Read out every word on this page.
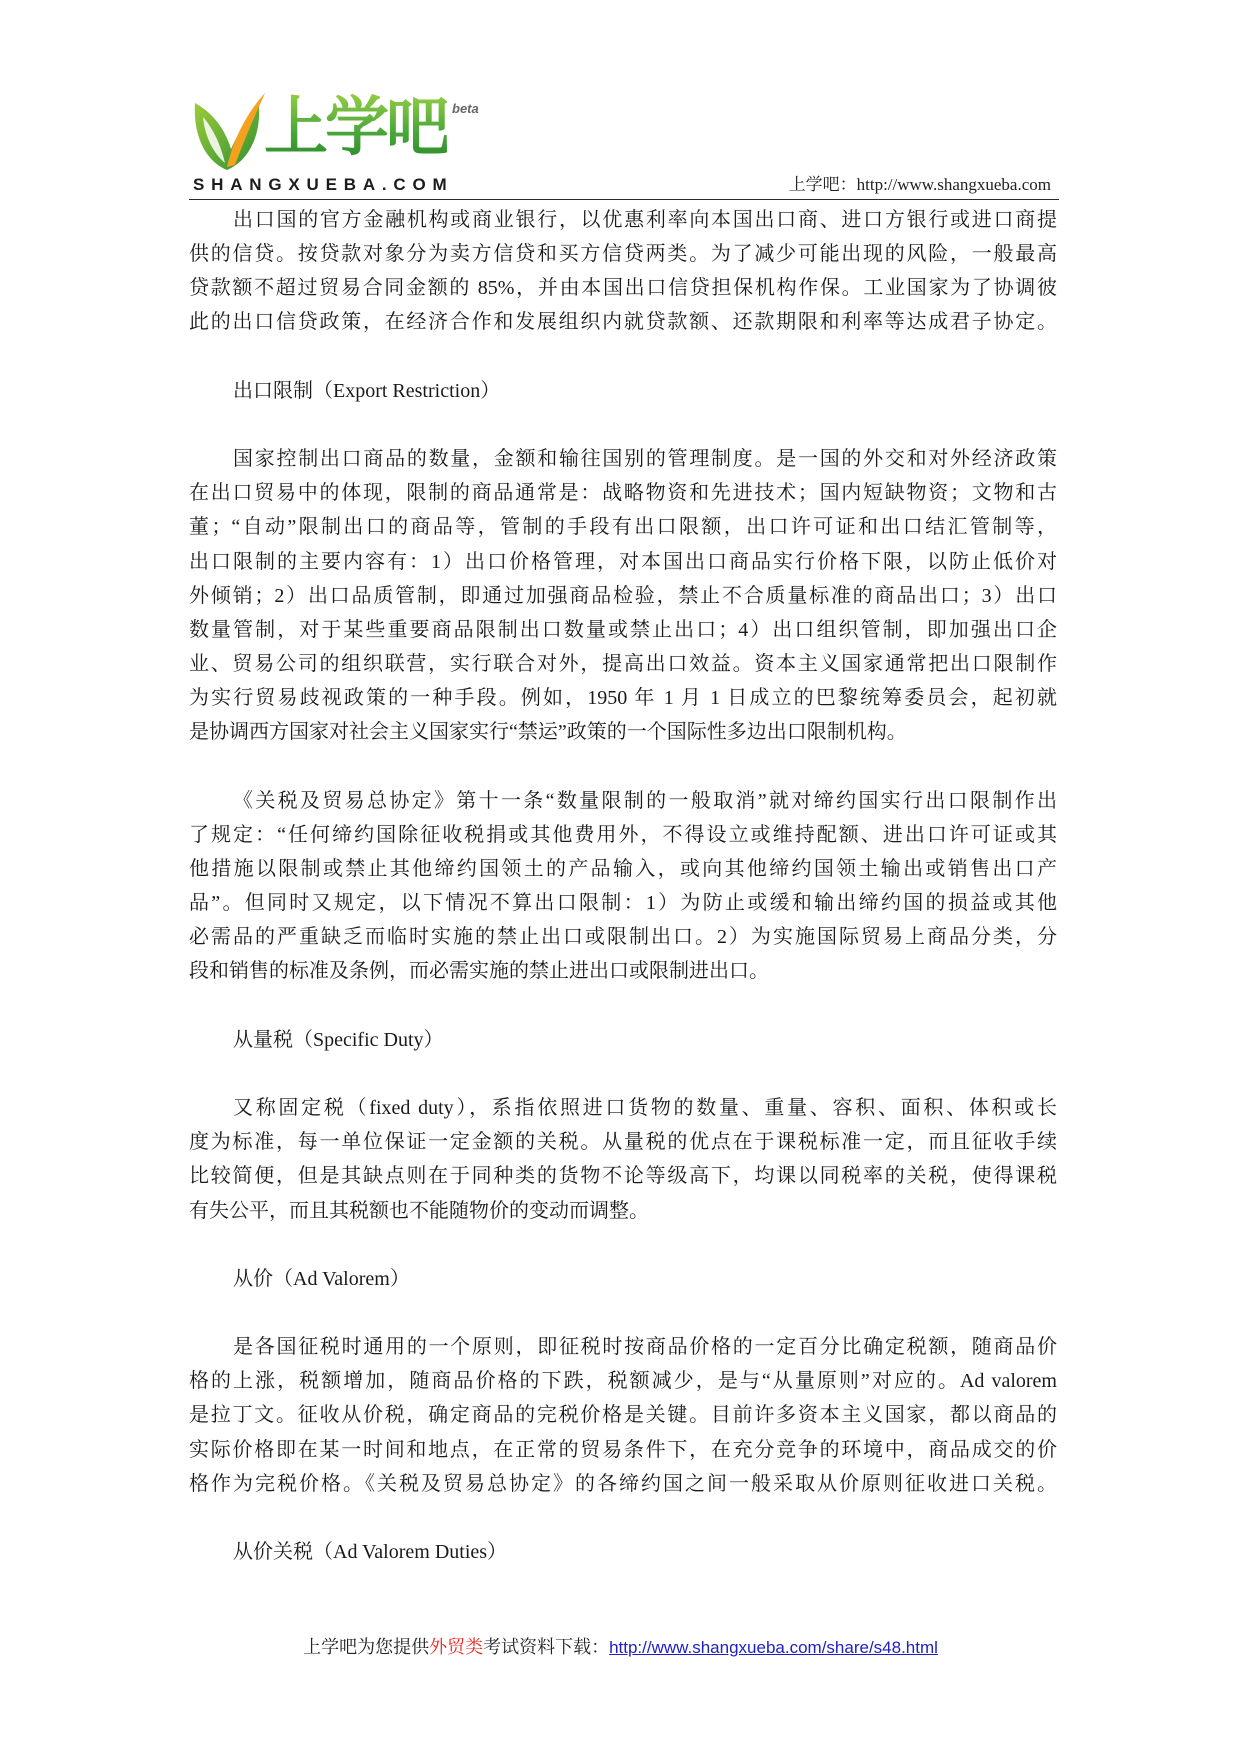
上学吧 beta
SHANGXUEBA.COM	上学吧：http://www.shangxueba.com
出口国的官方金融机构或商业银行，以优惠利率向本国出口商、进口方银行或进口商提
供的信贷。按贷款对象分为卖方信贷和买方信贷两类。为了减少可能出现的风险，一般最高
贷款额不超过贸易合同金额的 85%，并由本国出口信贷担保机构作保。工业国家为了协调彼
此的出口信贷政策，在经济合作和发展组织内就贷款额、还款期限和利率等达成君子协定。
出口限制（Export Restriction）
国家控制出口商品的数量，金额和输往国别的管理制度。是一国的外交和对外经济政策
在出口贸易中的体现，限制的商品通常是：战略物资和先进技术；国内短缺物资；文物和古
董；“自动”限制出口的商品等，管制的手段有出口限额，出口许可证和出口结汇管制等，
出口限制的主要内容有：1）出口价格管理，对本国出口商品实行价格下限，以防止低价对
外倾销；2）出口品质管制，即通过加强商品检验，禁止不合质量标准的商品出口；3）出口
数量管制，对于某些重要商品限制出口数量或禁止出口；4）出口组织管制，即加强出口企
业、贸易公司的组织联营，实行联合对外，提高出口效益。资本主义国家通常把出口限制作
为实行贸易歧视政策的一种手段。例如，1950 年 1 月 1 日成立的巴黎统筹委员会，起初就
是协调西方国家对社会主义国家实行“禁运”政策的一个国际性多边出口限制机构。
《关税及贸易总协定》第十一条“数量限制的一般取消”就对缔约国实行出口限制作出
了规定：“任何缔约国除征收税捐或其他费用外，不得设立或维持配额、进出口许可证或其
他措施以限制或禁止其他缔约国领土的产品输入，或向其他缔约国领土输出或销售出口产
品”。但同时又规定，以下情况不算出口限制：1）为防止或缓和输出缔约国的损益或其他
必需品的严重缺乏而临时实施的禁止出口或限制出口。2）为实施国际贸易上商品分类，分
段和销售的标准及条例，而必需实施的禁止进出口或限制进出口。
从量税（Specific Duty）
又称固定税（fixed duty），系指依照进口货物的数量、重量、容积、面积、体积或长
度为标准，每一单位保证一定金额的关税。从量税的优点在于课税标准一定，而且征收手续
比较简便，但是其缺点则在于同种类的货物不论等级高下，均课以同税率的关税，使得课税
有失公平，而且其税额也不能随物价的变动而调整。
从价（Ad Valorem）
是各国征税时通用的一个原则，即征税时按商品价格的一定百分比确定税额，随商品价
格的上涨，税额增加，随商品价格的下跌，税额减少，是与“从量原则”对应的。Ad valorem
是拉丁文。征收从价税，确定商品的完税价格是关键。目前许多资本主义国家，都以商品的
实际价格即在某一时间和地点，在正常的贸易条件下，在充分竞争的环境中，商品成交的价
格作为完税价格。《关税及贸易总协定》的各缔约国之间一般采取从价原则征收进口关税。
从价关税（Ad Valorem Duties）
上学吧为您提供外贸类考试资料下载：http://www.shangxueba.com/share/s48.html
